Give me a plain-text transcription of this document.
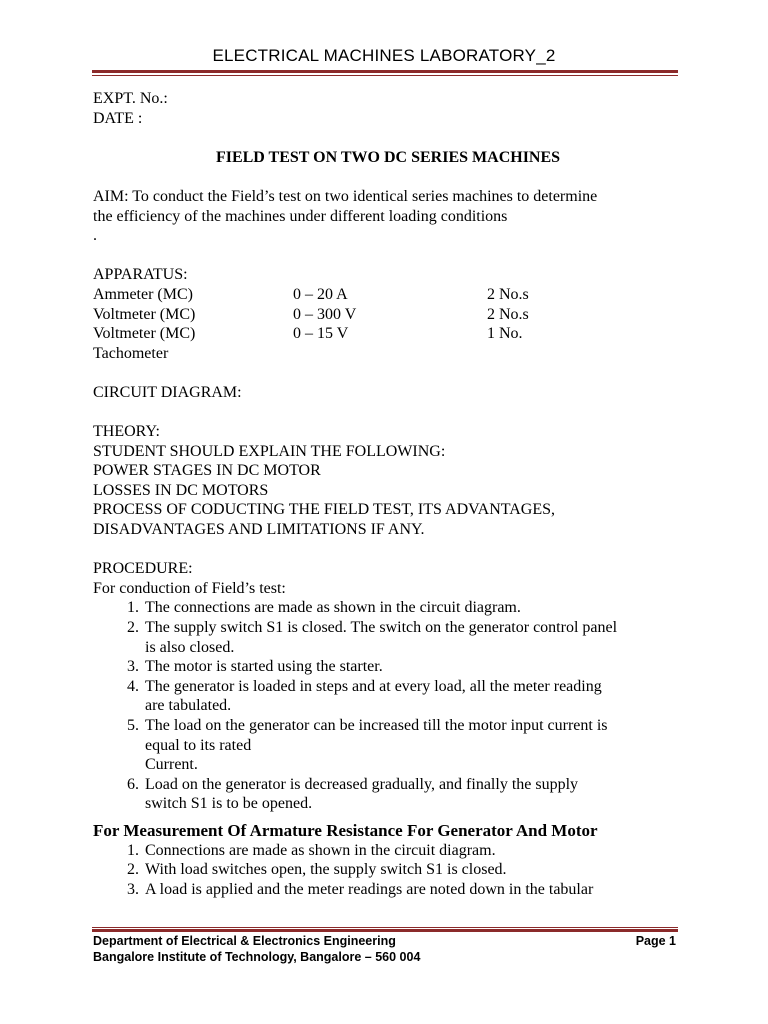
ELECTRICAL MACHINES LABORATORY_2
EXPT. No.:
DATE :
FIELD TEST ON TWO DC SERIES MACHINES
AIM: To conduct the Field’s test on two identical series machines to determine
the efficiency of the machines under different loading conditions
.
APPARATUS:
Ammeter (MC)	0 – 20 A	2 No.s
Voltmeter (MC)	0 – 300 V	2 No.s
Voltmeter (MC)	0 – 15 V	1 No.
Tachometer
CIRCUIT DIAGRAM:
THEORY:
STUDENT SHOULD EXPLAIN THE FOLLOWING:
POWER STAGES IN DC MOTOR
LOSSES IN DC MOTORS
PROCESS OF CODUCTING THE FIELD TEST, ITS ADVANTAGES,
DISADVANTAGES AND LIMITATIONS IF ANY.
PROCEDURE:
For conduction of Field’s test:
1. The connections are made as shown in the circuit diagram.
2. The supply switch S1 is closed. The switch on the generator control panel
is also closed.
3. The motor is started using the starter.
4. The generator is loaded in steps and at every load, all the meter reading
are tabulated.
5. The load on the generator can be increased till the motor input current is
equal to its rated
Current.
6. Load on the generator is decreased gradually, and finally the supply
switch S1 is to be opened.
For Measurement Of Armature Resistance For Generator And Motor
1. Connections are made as shown in the circuit diagram.
2. With load switches open, the supply switch S1 is closed.
3. A load is applied and the meter readings are noted down in the tabular
Department of Electrical & Electronics Engineering	Page 1
Bangalore Institute of Technology, Bangalore – 560 004
